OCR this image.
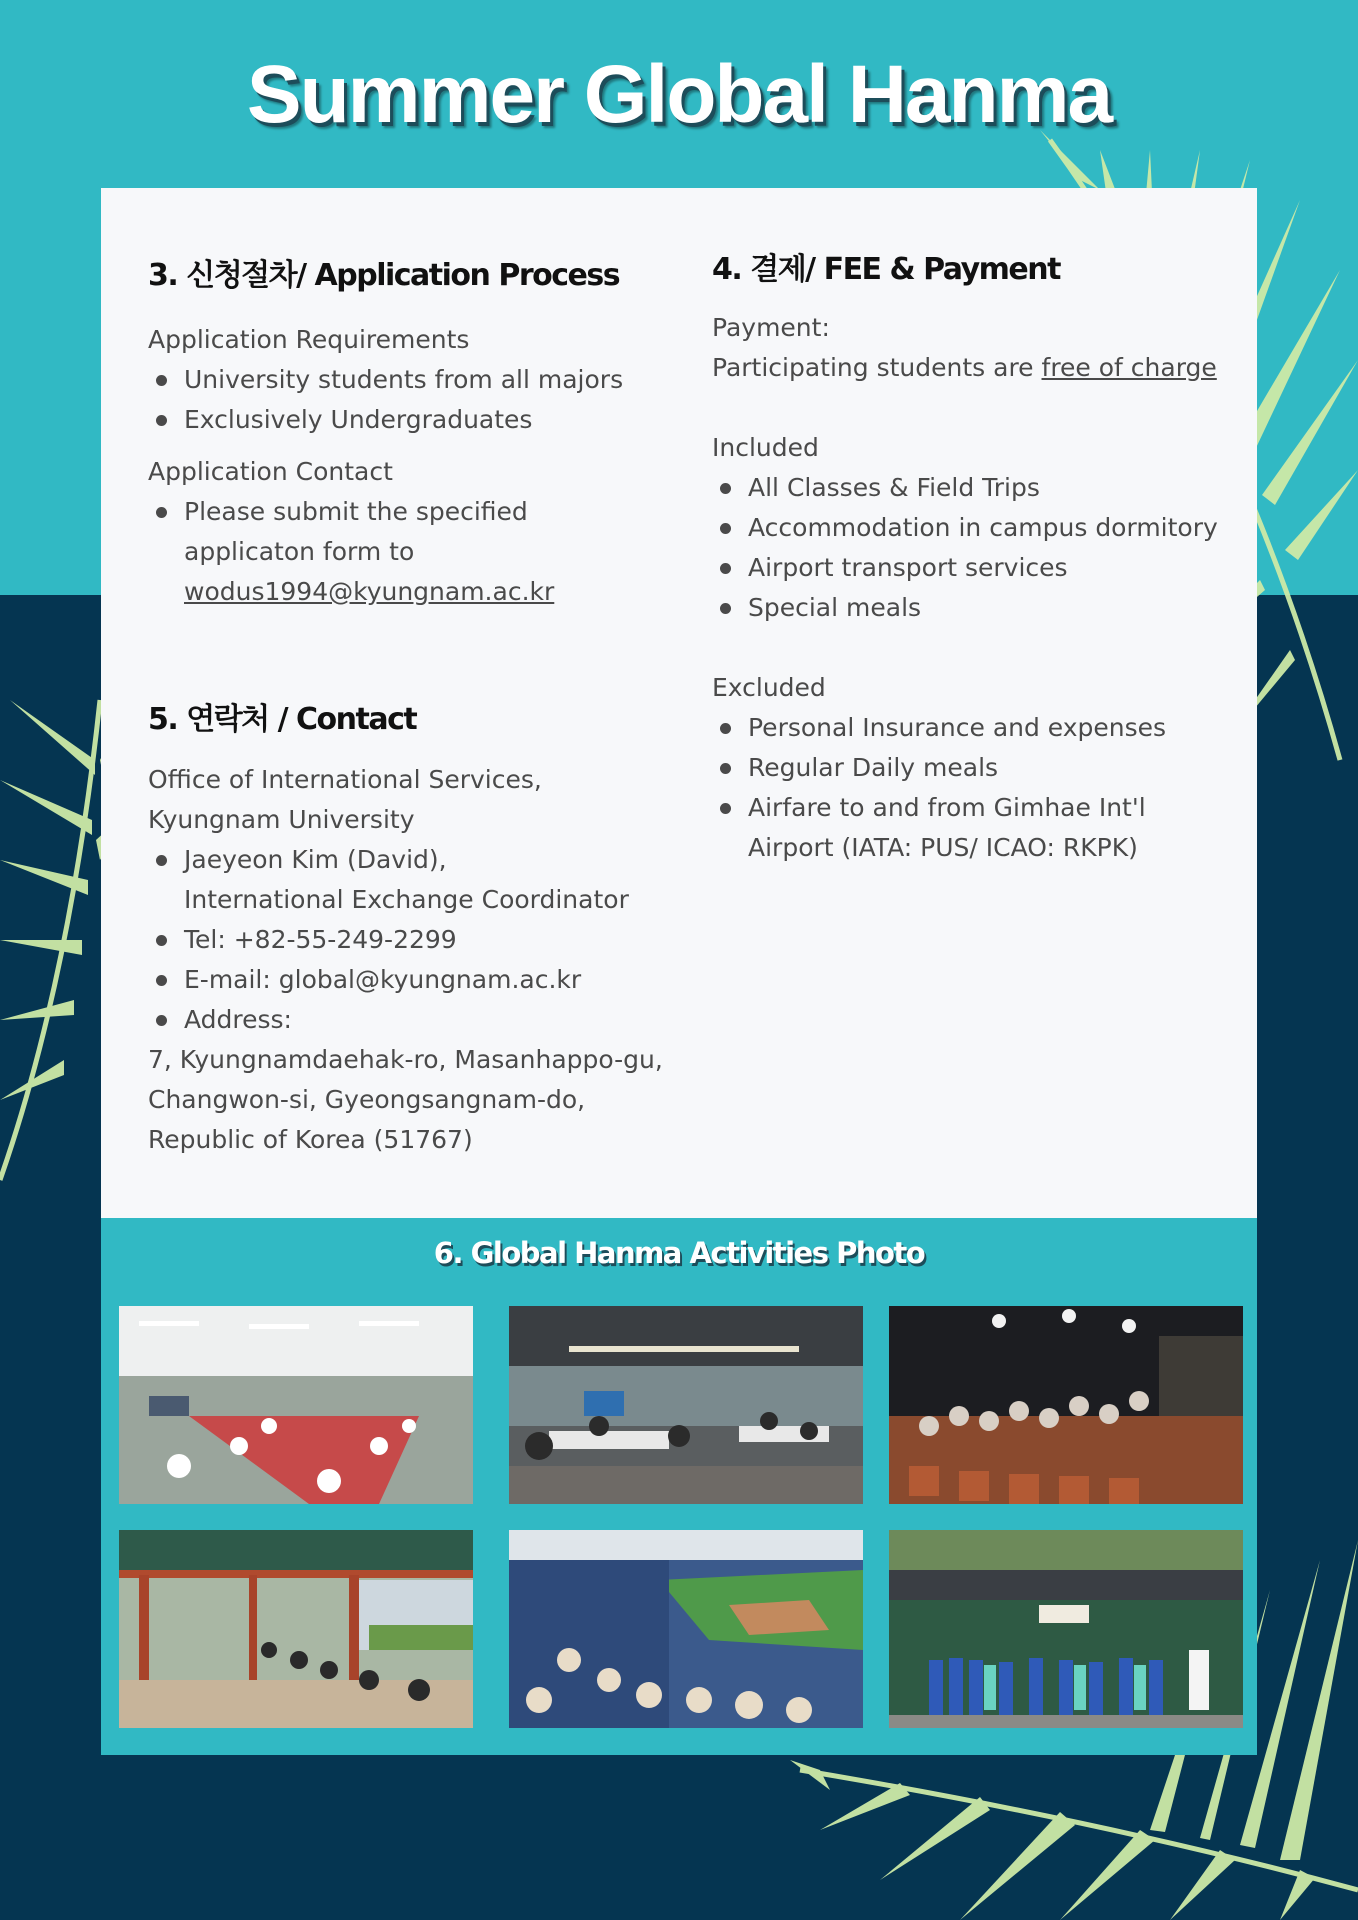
Summer Global Hanma
3. 신청절차/ Application Process
Application Requirements
University students from all majors
Exclusively Undergraduates
Application Contact
Please submit the specified
applicaton form to
wodus1994@kyungnam.ac.kr
5. 연락처 / Contact
Office of International Services,
Kyungnam University
Jaeyeon Kim (David),
International Exchange Coordinator
Tel: +82-55-249-2299
E-mail: global@kyungnam.ac.kr
Address:
7, Kyungnamdaehak-ro, Masanhappo-gu,
Changwon-si, Gyeongsangnam-do,
Republic of Korea (51767)
4. 결제/ FEE & Payment
Payment:
Participating students are free of charge
Included
All Classes & Field Trips
Accommodation in campus dormitory
Airport transport services
Special meals
Excluded
Personal Insurance and expenses
Regular Daily meals
Airfare to and from Gimhae Int'l
Airport (IATA: PUS/ ICAO: RKPK)
6. Global Hanma Activities Photo
